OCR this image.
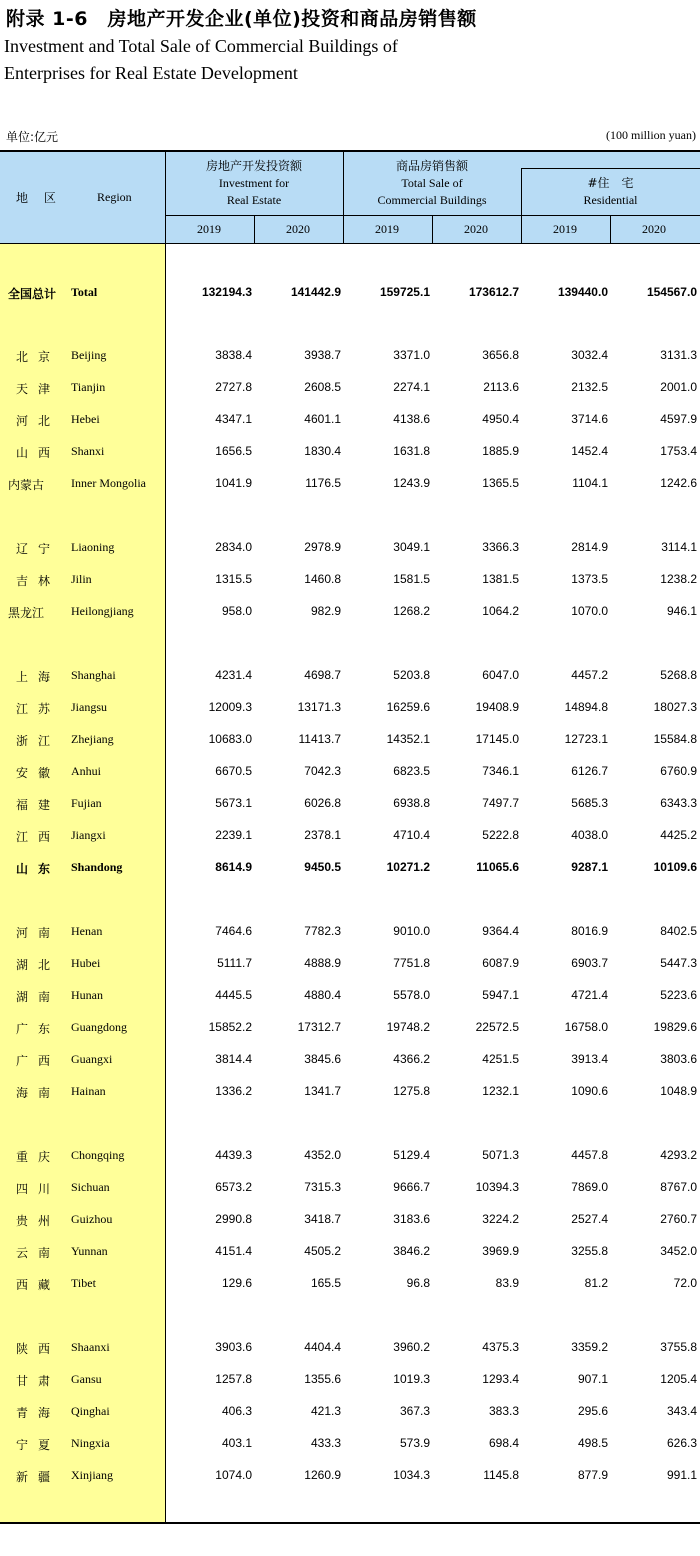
附录 1-6　房地产开发企业(单位)投资和商品房销售额
Investment and Total Sale of Commercial Buildings of
Enterprises for Real Estate Development
单位:亿元	(100 million yuan)
地 区	Region
房地产开发投资额
Investment for
Real Estate
商品房销售额
Total Sale of
Commercial Buildings
#住　宅
Residential
2019	2020	2019	2020	2019	2020
全国总计	Total	132194.3	141442.9	159725.1	173612.7	139440.0	154567.0
北京 Beijing	3838.4	3938.7	3371.0	3656.8	3032.4	3131.3
天津 Tianjin	2727.8	2608.5	2274.1	2113.6	2132.5	2001.0
河北 Hebei	4347.1	4601.1	4138.6	4950.4	3714.6	4597.9
山西 Shanxi	1656.5	1830.4	1631.8	1885.9	1452.4	1753.4
内蒙古	Inner Mongolia	1041.9	1176.5	1243.9	1365.5	1104.1	1242.6
辽宁 Liaoning	2834.0	2978.9	3049.1	3366.3	2814.9	3114.1
吉林 Jilin	1315.5	1460.8	1581.5	1381.5	1373.5	1238.2
黑龙江	Heilongjiang	958.0	982.9	1268.2	1064.2	1070.0	946.1
上海 Shanghai	4231.4	4698.7	5203.8	6047.0	4457.2	5268.8
江苏 Jiangsu	12009.3	13171.3	16259.6	19408.9	14894.8	18027.3
浙江 Zhejiang	10683.0	11413.7	14352.1	17145.0	12723.1	15584.8
安徽 Anhui	6670.5	7042.3	6823.5	7346.1	6126.7	6760.9
福建 Fujian	5673.1	6026.8	6938.8	7497.7	5685.3	6343.3
江西 Jiangxi	2239.1	2378.1	4710.4	5222.8	4038.0	4425.2
山东 Shandong	8614.9	9450.5	10271.2	11065.6	9287.1	10109.6
河南 Henan	7464.6	7782.3	9010.0	9364.4	8016.9	8402.5
湖北 Hubei	5111.7	4888.9	7751.8	6087.9	6903.7	5447.3
湖南 Hunan	4445.5	4880.4	5578.0	5947.1	4721.4	5223.6
广东 Guangdong	15852.2	17312.7	19748.2	22572.5	16758.0	19829.6
广西 Guangxi	3814.4	3845.6	4366.2	4251.5	3913.4	3803.6
海南 Hainan	1336.2	1341.7	1275.8	1232.1	1090.6	1048.9
重庆 Chongqing	4439.3	4352.0	5129.4	5071.3	4457.8	4293.2
四川 Sichuan	6573.2	7315.3	9666.7	10394.3	7869.0	8767.0
贵州 Guizhou	2990.8	3418.7	3183.6	3224.2	2527.4	2760.7
云南 Yunnan	4151.4	4505.2	3846.2	3969.9	3255.8	3452.0
西藏 Tibet	129.6	165.5	96.8	83.9	81.2	72.0
陕西 Shaanxi	3903.6	4404.4	3960.2	4375.3	3359.2	3755.8
甘肃 Gansu	1257.8	1355.6	1019.3	1293.4	907.1	1205.4
青海 Qinghai	406.3	421.3	367.3	383.3	295.6	343.4
宁夏 Ningxia	403.1	433.3	573.9	698.4	498.5	626.3
新疆 Xinjiang	1074.0	1260.9	1034.3	1145.8	877.9	991.1
